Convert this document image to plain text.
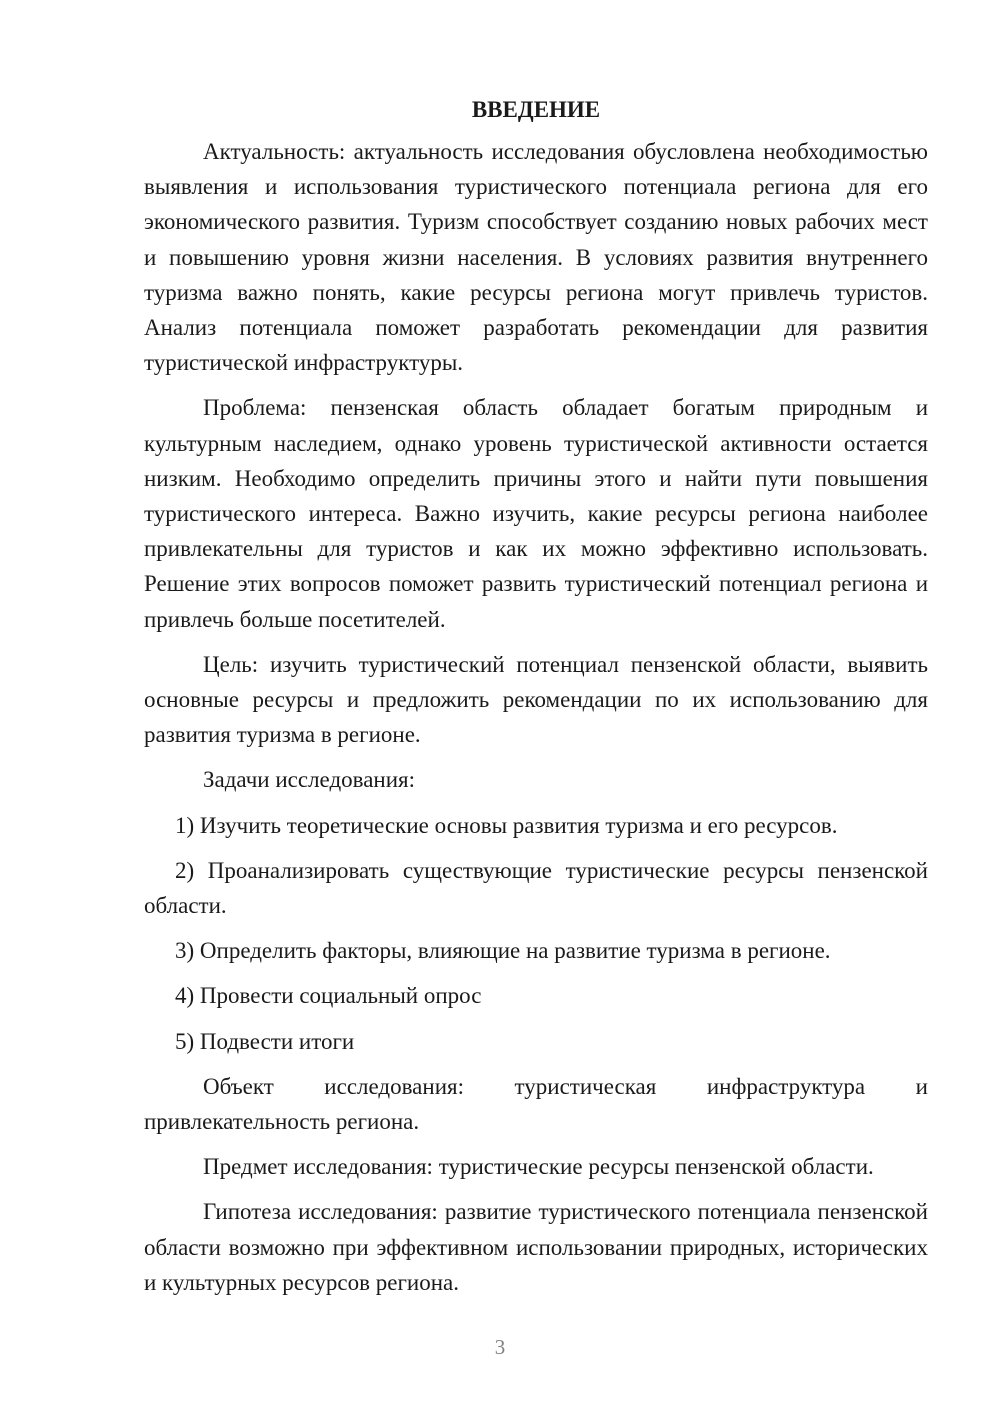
ВВЕДЕНИЕ

Актуальность: актуальность исследования обусловлена необходимостью выявления и использования туристического потенциала региона для его экономического развития. Туризм способствует созданию новых рабочих мест и повышению уровня жизни населения. В условиях развития внутреннего туризма важно понять, какие ресурсы региона могут привлечь туристов. Анализ потенциала поможет разработать рекомендации для развития туристической инфраструктуры.

Проблема: пензенская область обладает богатым природным и культурным наследием, однако уровень туристической активности остается низким. Необходимо определить причины этого и найти пути повышения туристического интереса. Важно изучить, какие ресурсы региона наиболее привлекательны для туристов и как их можно эффективно использовать. Решение этих вопросов поможет развить туристический потенциал региона и привлечь больше посетителей.

Цель: изучить туристический потенциал пензенской области, выявить основные ресурсы и предложить рекомендации по их использованию для развития туризма в регионе.

Задачи исследования:

1) Изучить теоретические основы развития туризма и его ресурсов.

2) Проанализировать существующие туристические ресурсы пензенской области.

3) Определить факторы, влияющие на развитие туризма в регионе.

4) Провести социальный опрос

5) Подвести итоги

Объект исследования: туристическая инфраструктура и привлекательность региона.

Предмет исследования: туристические ресурсы пензенской области.

Гипотеза исследования: развитие туристического потенциала пензенской области возможно при эффективном использовании природных, исторических и культурных ресурсов региона.

3
